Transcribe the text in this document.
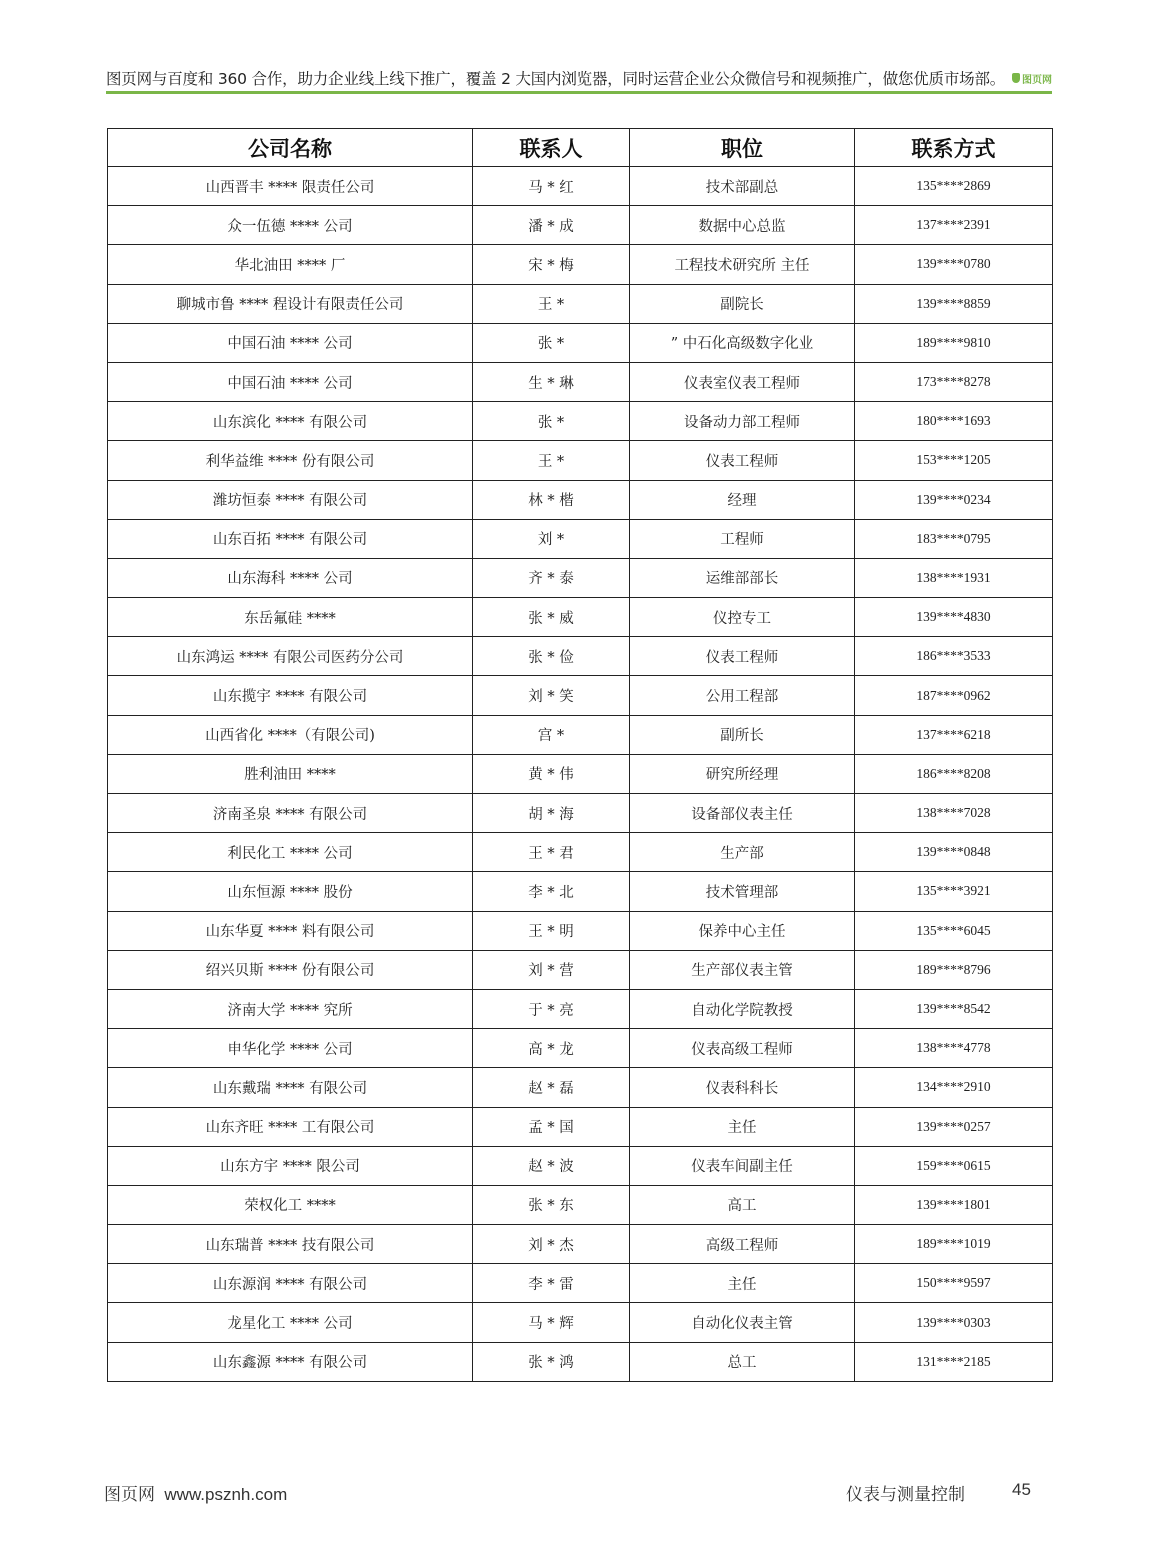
图页网与百度和 360 合作，助力企业线上线下推广，覆盖 2 大国内浏览器，同时运营企业公众微信号和视频推广，做您优质市场部。 图页网
公司名称	联系人	职位	联系方式
山西晋丰 **** 限责任公司	马 * 红	技术部副总	135****2869
众一伍德 **** 公司	潘 * 成	数据中心总监	137****2391
华北油田 **** 厂	宋 * 梅	工程技术研究所 主任	139****0780
聊城市鲁 **** 程设计有限责任公司	王 *	副院长	139****8859
中国石油 **** 公司	张 *	” 中石化高级数字化业	189****9810
中国石油 **** 公司	生 * 琳	仪表室仪表工程师	173****8278
山东滨化 **** 有限公司	张 *	设备动力部工程师	180****1693
利华益维 **** 份有限公司	王 *	仪表工程师	153****1205
潍坊恒泰 **** 有限公司	林 * 楷	经理	139****0234
山东百拓 **** 有限公司	刘 *	工程师	183****0795
山东海科 **** 公司	齐 * 泰	运维部部长	138****1931
东岳氟硅 ****	张 * 威	仪控专工	139****4830
山东鸿运 **** 有限公司医药分公司	张 * 俭	仪表工程师	186****3533
山东揽宇 **** 有限公司	刘 * 笑	公用工程部	187****0962
山西省化 ****（有限公司)	宫 *	副所长	137****6218
胜利油田 ****	黄 * 伟	研究所经理	186****8208
济南圣泉 **** 有限公司	胡 * 海	设备部仪表主任	138****7028
利民化工 **** 公司	王 * 君	生产部	139****0848
山东恒源 **** 股份	李 * 北	技术管理部	135****3921
山东华夏 **** 料有限公司	王 * 明	保养中心主任	135****6045
绍兴贝斯 **** 份有限公司	刘 * 营	生产部仪表主管	189****8796
济南大学 **** 究所	于 * 亮	自动化学院教授	139****8542
申华化学 **** 公司	高 * 龙	仪表高级工程师	138****4778
山东戴瑞 **** 有限公司	赵 * 磊	仪表科科长	134****2910
山东齐旺 **** 工有限公司	孟 * 国	主任	139****0257
山东方宇 **** 限公司	赵 * 波	仪表车间副主任	159****0615
荣权化工 ****	张 * 东	高工	139****1801
山东瑞普 **** 技有限公司	刘 * 杰	高级工程师	189****1019
山东源润 **** 有限公司	李 * 雷	主任	150****9597
龙星化工 **** 公司	马 * 辉	自动化仪表主管	139****0303
山东鑫源 **** 有限公司	张 * 鸿	总工	131****2185
图页网 www.psznh.com	仪表与测量控制	45
